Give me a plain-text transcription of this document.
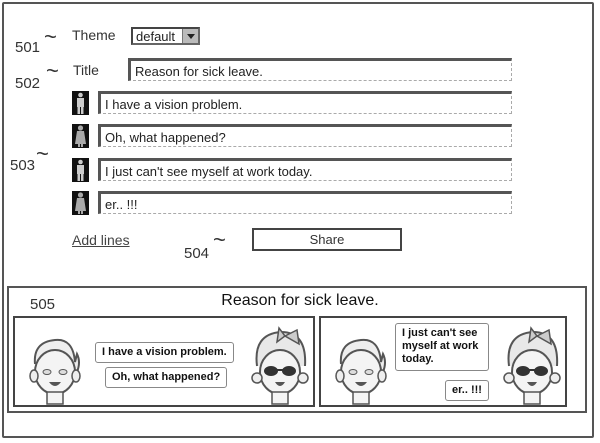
501 ~ Theme default
502
~ Title	Reason for sick leave.
503 ~
I have a vision problem.
Oh, what happened?
I just can't see myself at work today.
er.. !!!
Add lines
504
~	Share
505	Reason for sick leave.
I have a vision problem.
Oh, what happened?
I just can't see myself at work today.
er.. !!!
